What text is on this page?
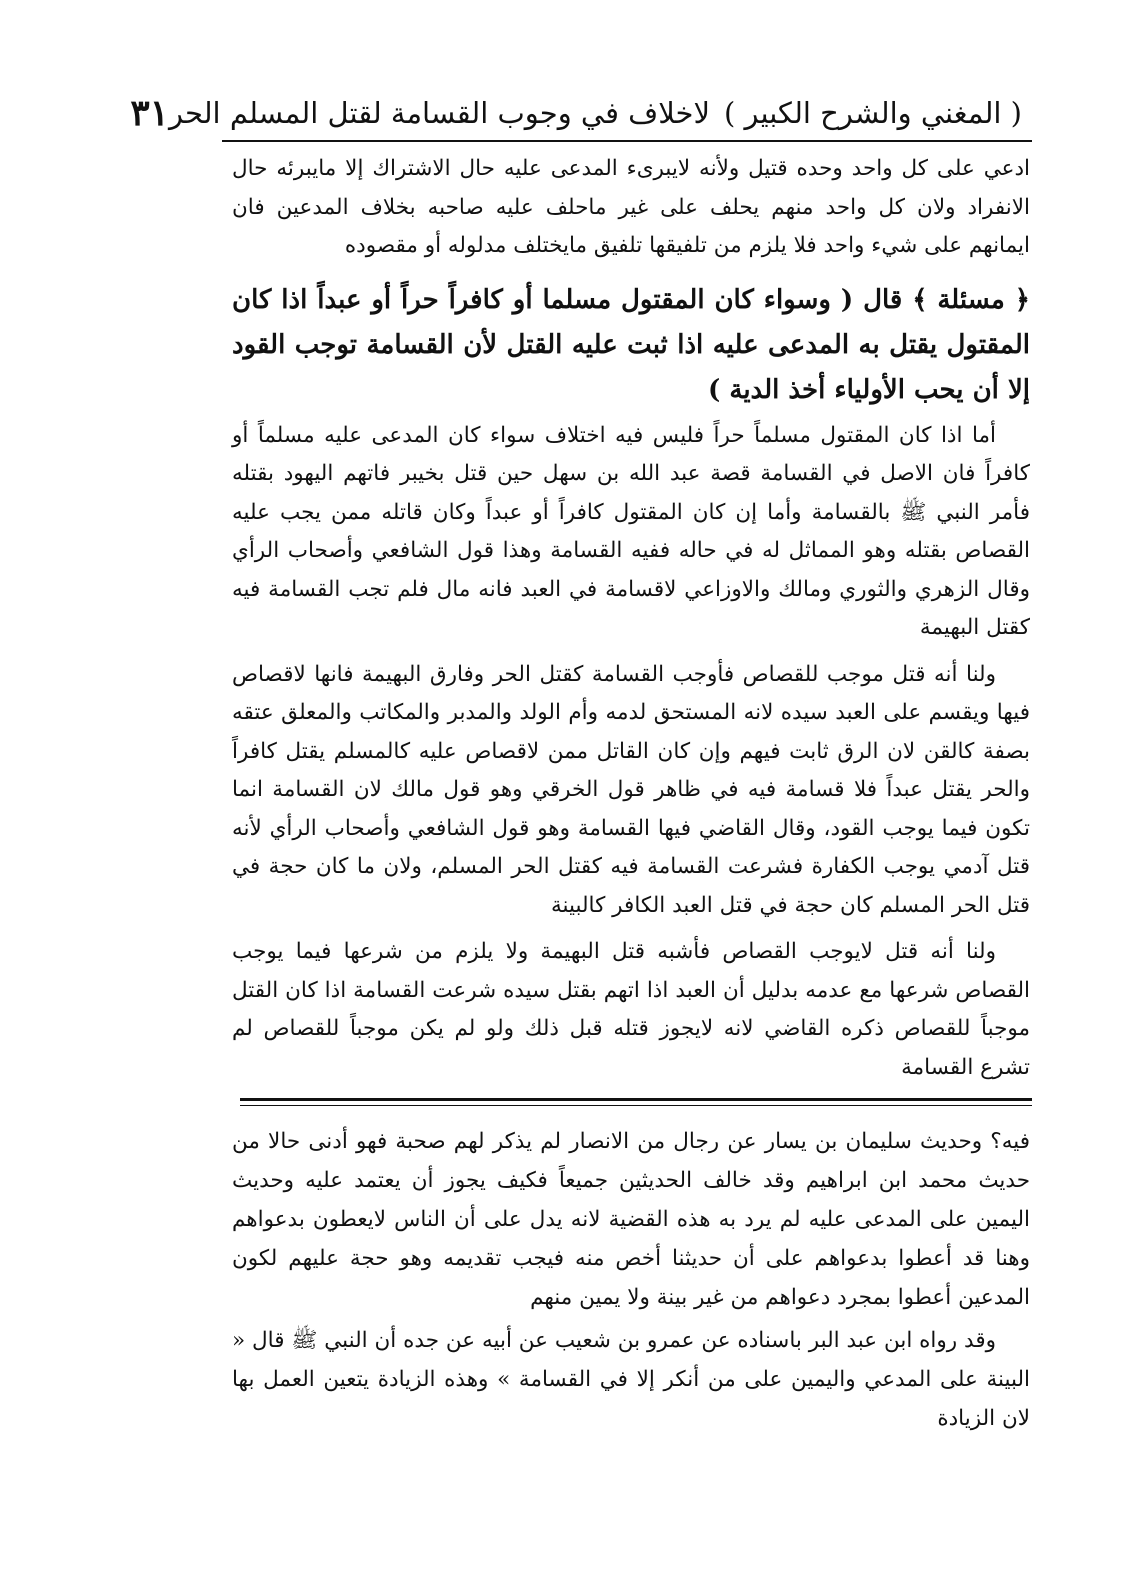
( المغني والشرح الكبير )
لاخلاف في وجوب القسامة لقتل المسلم الحر
٣١

ادعي على كل واحد وحده قتيل ولأنه لايبرىء المدعى عليه حال الاشتراك إلا مايبرئه حال الانفراد ولان كل واحد منهم يحلف على غير ماحلف عليه صاحبه بخلاف المدعين فان ايمانهم على شيء واحد فلا يلزم من تلفيقها تلفيق مايختلف مدلوله أو مقصوده

﴿ مسئلة ﴾ قال ( وسواء كان المقتول مسلما أو كافراً حراً أو عبداً اذا كان المقتول يقتل به المدعى عليه اذا ثبت عليه القتل لأن القسامة توجب القود إلا أن يحب الأولياء أخذ الدية )

أما اذا كان المقتول مسلماً حراً فليس فيه اختلاف سواء كان المدعى عليه مسلماً أو كافراً فان الاصل في القسامة قصة عبد الله بن سهل حين قتل بخيبر فاتهم اليهود بقتله فأمر النبي ﷺ بالقسامة وأما إن كان المقتول كافراً أو عبداً وكان قاتله ممن يجب عليه القصاص بقتله وهو المماثل له في حاله ففيه القسامة وهذا قول الشافعي وأصحاب الرأي وقال الزهري والثوري ومالك والاوزاعي لاقسامة في العبد فانه مال فلم تجب القسامة فيه كقتل البهيمة

ولنا أنه قتل موجب للقصاص فأوجب القسامة كقتل الحر وفارق البهيمة فانها لاقصاص فيها ويقسم على العبد سيده لانه المستحق لدمه وأم الولد والمدبر والمكاتب والمعلق عتقه بصفة كالقن لان الرق ثابت فيهم وإن كان القاتل ممن لاقصاص عليه كالمسلم يقتل كافراً والحر يقتل عبداً فلا قسامة فيه في ظاهر قول الخرقي وهو قول مالك لان القسامة انما تكون فيما يوجب القود، وقال القاضي فيها القسامة وهو قول الشافعي وأصحاب الرأي لأنه قتل آدمي يوجب الكفارة فشرعت القسامة فيه كقتل الحر المسلم، ولان ما كان حجة في قتل الحر المسلم كان حجة في قتل العبد الكافر كالبينة

ولنا أنه قتل لايوجب القصاص فأشبه قتل البهيمة ولا يلزم من شرعها فيما يوجب القصاص شرعها مع عدمه بدليل أن العبد اذا اتهم بقتل سيده شرعت القسامة اذا كان القتل موجباً للقصاص ذكره القاضي لانه لايجوز قتله قبل ذلك ولو لم يكن موجباً للقصاص لم تشرع القسامة

فيه؟ وحديث سليمان بن يسار عن رجال من الانصار لم يذكر لهم صحبة فهو أدنى حالا من حديث محمد ابن ابراهيم وقد خالف الحديثين جميعاً فكيف يجوز أن يعتمد عليه وحديث اليمين على المدعى عليه لم يرد به هذه القضية لانه يدل على أن الناس لايعطون بدعواهم وهنا قد أعطوا بدعواهم على أن حديثنا أخص منه فيجب تقديمه وهو حجة عليهم لكون المدعين أعطوا بمجرد دعواهم من غير بينة ولا يمين منهم

وقد رواه ابن عبد البر باسناده عن عمرو بن شعيب عن أبيه عن جده أن النبي ﷺ قال « البينة على المدعي واليمين على من أنكر إلا في القسامة » وهذه الزيادة يتعين العمل بها لان الزيادة
